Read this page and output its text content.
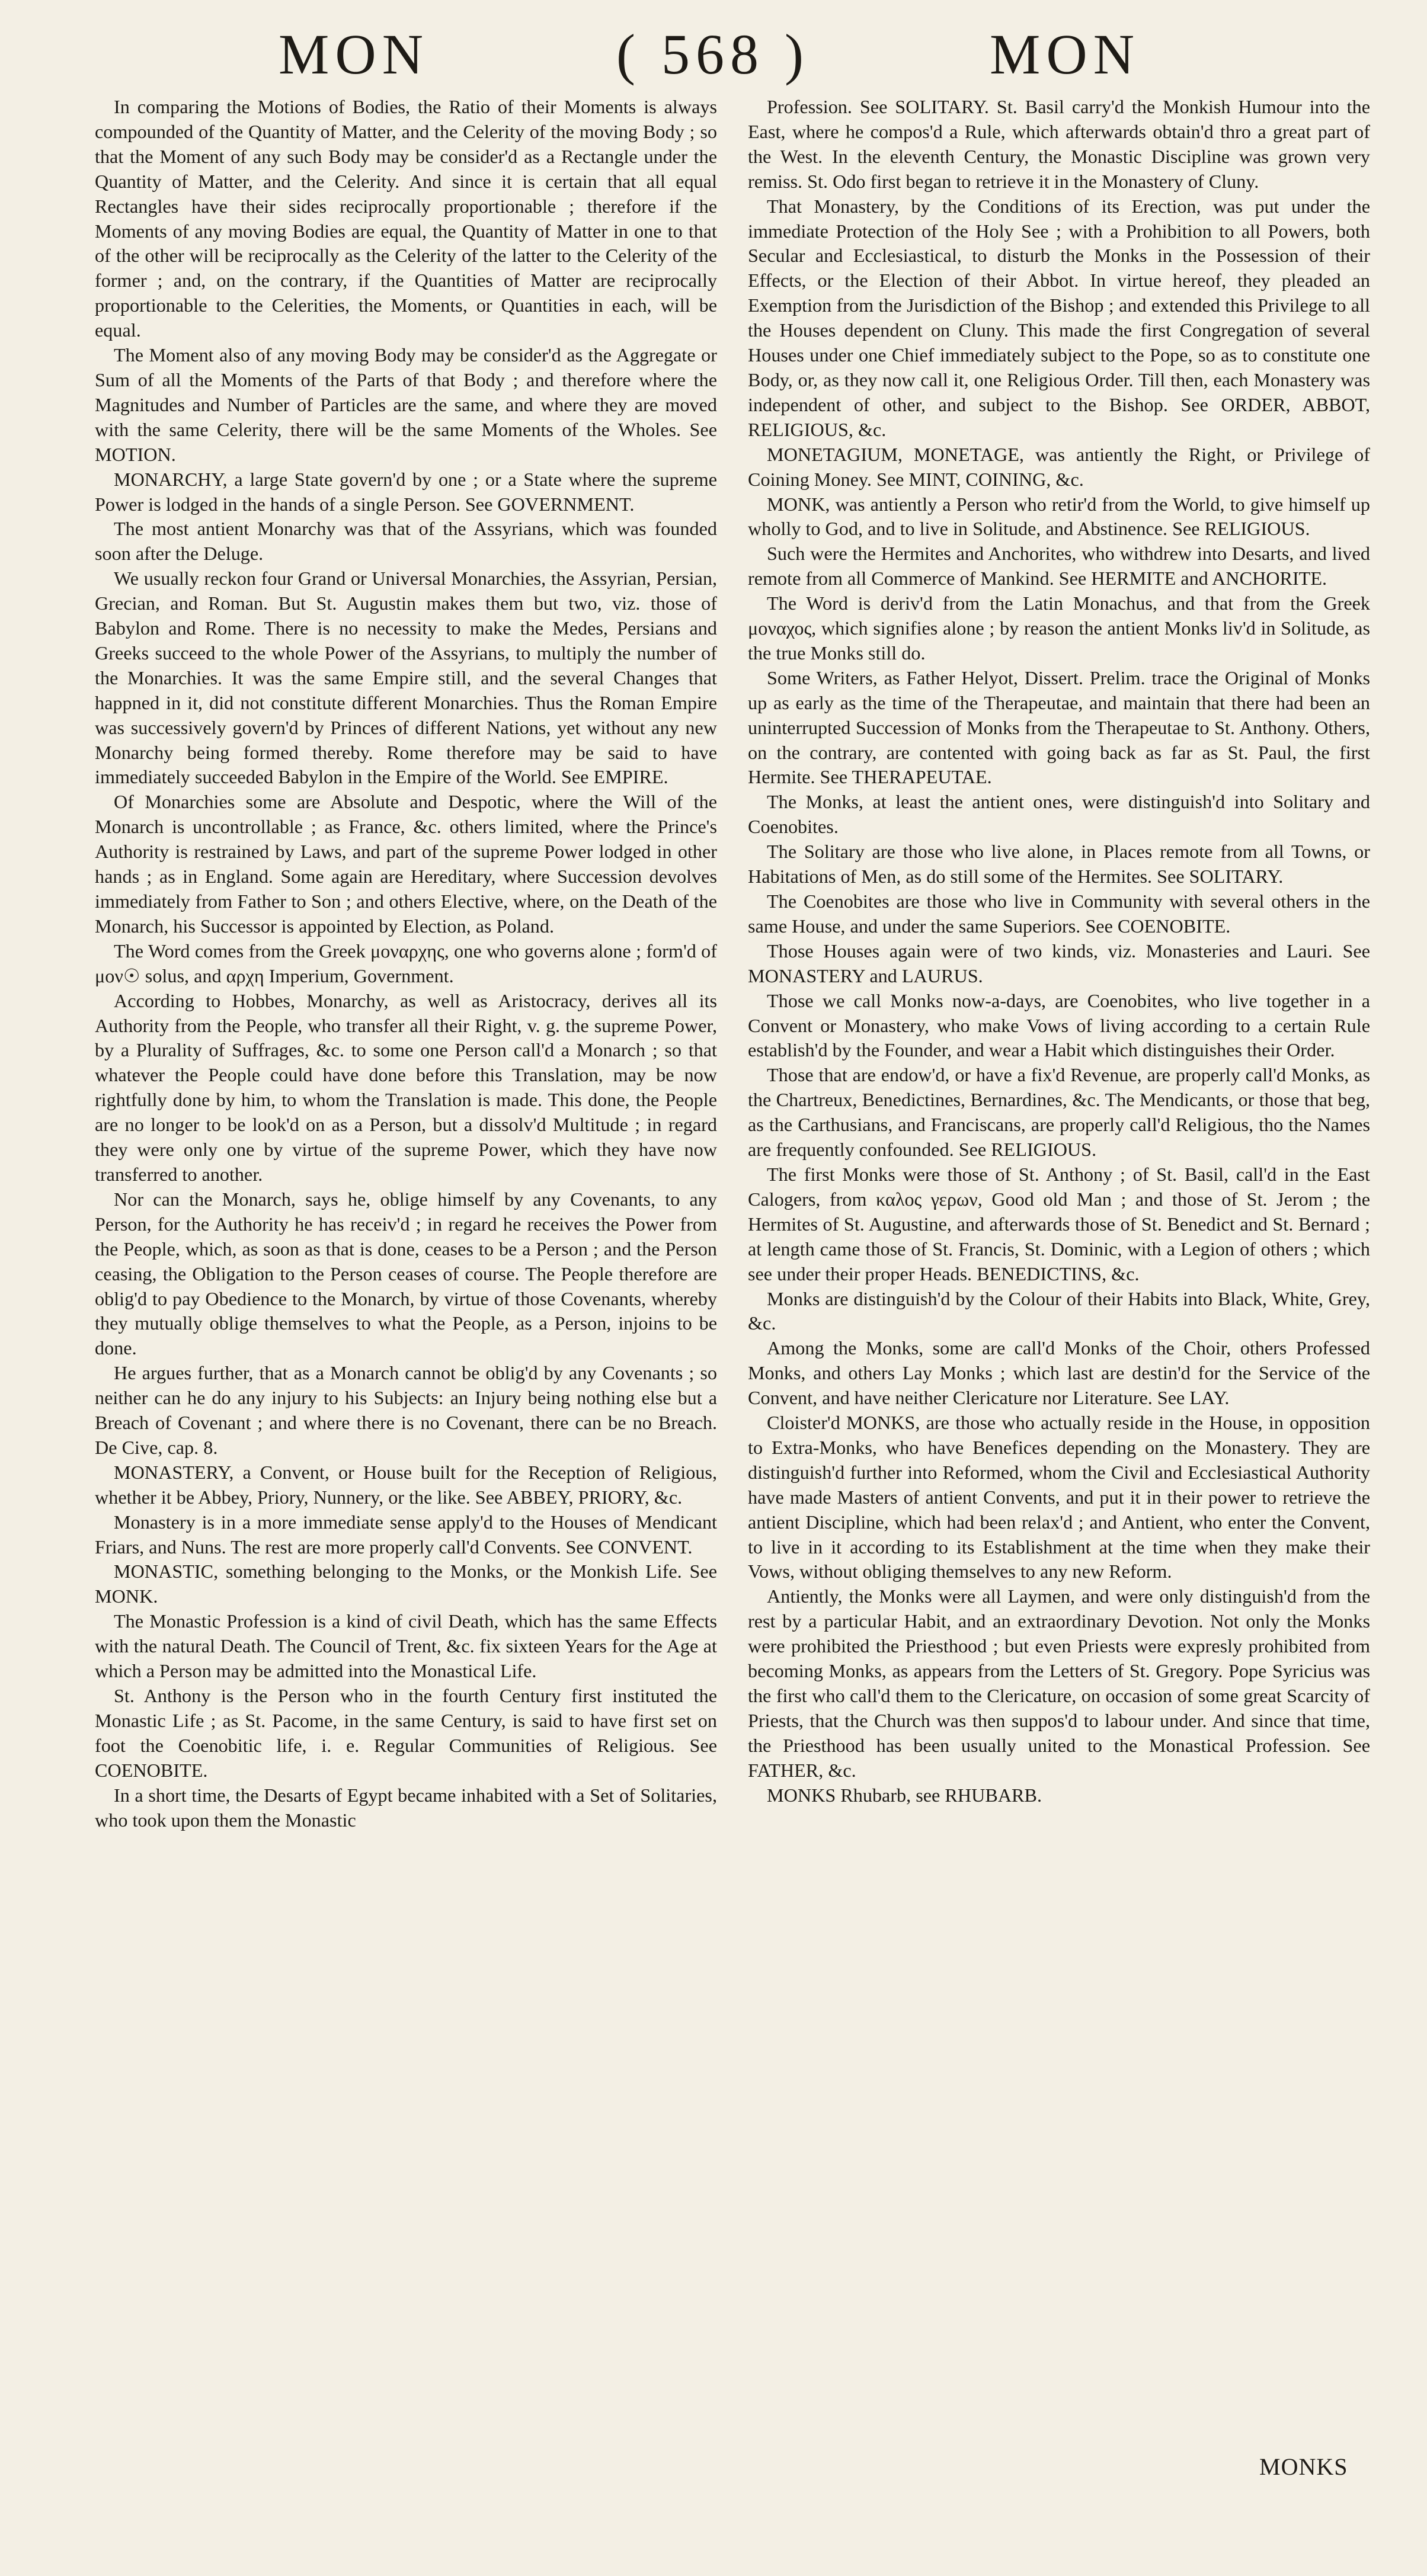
MON	( 568 )	MON

In comparing the Motions of Bodies, the Ratio of their Moments is always compounded of the Quantity of Matter, and the Celerity of the moving Body ; so that the Moment of any such Body may be consider'd as a Rectangle under the Quantity of Matter, and the Celerity. And since it is certain that all equal Rectangles have their sides reciprocally proportionable ; therefore if the Moments of any moving Bodies are equal, the Quantity of Matter in one to that of the other will be reciprocally as the Celerity of the latter to the Celerity of the former ; and, on the contrary, if the Quantities of Matter are reciprocally proportionable to the Celerities, the Moments, or Quantities in each, will be equal.

The Moment also of any moving Body may be consider'd as the Aggregate or Sum of all the Moments of the Parts of that Body ; and therefore where the Magnitudes and Number of Particles are the same, and where they are moved with the same Celerity, there will be the same Moments of the Wholes. See MOTION.

MONARCHY, a large State govern'd by one ; or a State where the supreme Power is lodged in the hands of a single Person. See GOVERNMENT.

The most antient Monarchy was that of the Assyrians, which was founded soon after the Deluge.

We usually reckon four Grand or Universal Monarchies, the Assyrian, Persian, Grecian, and Roman. But St. Augustin makes them but two, viz. those of Babylon and Rome. There is no necessity to make the Medes, Persians and Greeks succeed to the whole Power of the Assyrians, to multiply the number of the Monarchies. It was the same Empire still, and the several Changes that happned in it, did not constitute different Monarchies. Thus the Roman Empire was successively govern'd by Princes of different Nations, yet without any new Monarchy being formed thereby. Rome therefore may be said to have immediately succeeded Babylon in the Empire of the World. See EMPIRE.

Of Monarchies some are Absolute and Despotic, where the Will of the Monarch is uncontrollable ; as France, &c. others limited, where the Prince's Authority is restrained by Laws, and part of the supreme Power lodged in other hands ; as in England. Some again are Hereditary, where Succession devolves immediately from Father to Son ; and others Elective, where, on the Death of the Monarch, his Successor is appointed by Election, as Poland.

The Word comes from the Greek μοναρχης, one who governs alone ; form'd of μον☉ solus, and αρχη Imperium, Government.

According to Hobbes, Monarchy, as well as Aristocracy, derives all its Authority from the People, who transfer all their Right, v. g. the supreme Power, by a Plurality of Suffrages, &c. to some one Person call'd a Monarch ; so that whatever the People could have done before this Translation, may be now rightfully done by him, to whom the Translation is made. This done, the People are no longer to be look'd on as a Person, but a dissolv'd Multitude ; in regard they were only one by virtue of the supreme Power, which they have now transferred to another.

Nor can the Monarch, says he, oblige himself by any Covenants, to any Person, for the Authority he has receiv'd ; in regard he receives the Power from the People, which, as soon as that is done, ceases to be a Person ; and the Person ceasing, the Obligation to the Person ceases of course. The People therefore are oblig'd to pay Obedience to the Monarch, by virtue of those Covenants, whereby they mutually oblige themselves to what the People, as a Person, injoins to be done.

He argues further, that as a Monarch cannot be oblig'd by any Covenants ; so neither can he do any injury to his Subjects: an Injury being nothing else but a Breach of Covenant ; and where there is no Covenant, there can be no Breach. De Cive, cap. 8.

MONASTERY, a Convent, or House built for the Reception of Religious, whether it be Abbey, Priory, Nunnery, or the like. See ABBEY, PRIORY, &c.

Monastery is in a more immediate sense apply'd to the Houses of Mendicant Friars, and Nuns. The rest are more properly call'd Convents. See CONVENT.

MONASTIC, something belonging to the Monks, or the Monkish Life. See MONK.

The Monastic Profession is a kind of civil Death, which has the same Effects with the natural Death. The Council of Trent, &c. fix sixteen Years for the Age at which a Person may be admitted into the Monastical Life.

St. Anthony is the Person who in the fourth Century first instituted the Monastic Life ; as St. Pacome, in the same Century, is said to have first set on foot the Coenobitic life, i. e. Regular Communities of Religious. See COENOBITE.

In a short time, the Desarts of Egypt became inhabited with a Set of Solitaries, who took upon them the Monastic

Profession. See SOLITARY. St. Basil carry'd the Monkish Humour into the East, where he compos'd a Rule, which afterwards obtain'd thro a great part of the West. In the eleventh Century, the Monastic Discipline was grown very remiss. St. Odo first began to retrieve it in the Monastery of Cluny.

That Monastery, by the Conditions of its Erection, was put under the immediate Protection of the Holy See ; with a Prohibition to all Powers, both Secular and Ecclesiastical, to disturb the Monks in the Possession of their Effects, or the Election of their Abbot. In virtue hereof, they pleaded an Exemption from the Jurisdiction of the Bishop ; and extended this Privilege to all the Houses dependent on Cluny. This made the first Congregation of several Houses under one Chief immediately subject to the Pope, so as to constitute one Body, or, as they now call it, one Religious Order. Till then, each Monastery was independent of other, and subject to the Bishop. See ORDER, ABBOT, RELIGIOUS, &c.

MONETAGIUM, MONETAGE, was antiently the Right, or Privilege of Coining Money. See MINT, COINING, &c.

MONK, was antiently a Person who retir'd from the World, to give himself up wholly to God, and to live in Solitude, and Abstinence. See RELIGIOUS.

Such were the Hermites and Anchorites, who withdrew into Desarts, and lived remote from all Commerce of Mankind. See HERMITE and ANCHORITE.

The Word is deriv'd from the Latin Monachus, and that from the Greek μοναχος, which signifies alone ; by reason the antient Monks liv'd in Solitude, as the true Monks still do.

Some Writers, as Father Helyot, Dissert. Prelim. trace the Original of Monks up as early as the time of the Therapeutae, and maintain that there had been an uninterrupted Succession of Monks from the Therapeutae to St. Anthony. Others, on the contrary, are contented with going back as far as St. Paul, the first Hermite. See THERAPEUTAE.

The Monks, at least the antient ones, were distinguish'd into Solitary and Coenobites.

The Solitary are those who live alone, in Places remote from all Towns, or Habitations of Men, as do still some of the Hermites. See SOLITARY.

The Coenobites are those who live in Community with several others in the same House, and under the same Superiors. See COENOBITE.

Those Houses again were of two kinds, viz. Monasteries and Lauri. See MONASTERY and LAURUS.

Those we call Monks now-a-days, are Coenobites, who live together in a Convent or Monastery, who make Vows of living according to a certain Rule establish'd by the Founder, and wear a Habit which distinguishes their Order.

Those that are endow'd, or have a fix'd Revenue, are properly call'd Monks, as the Chartreux, Benedictines, Bernardines, &c. The Mendicants, or those that beg, as the Carthusians, and Franciscans, are properly call'd Religious, tho the Names are frequently confounded. See RELIGIOUS.

The first Monks were those of St. Anthony ; of St. Basil, call'd in the East Calogers, from καλος γερων, Good old Man ; and those of St. Jerom ; the Hermites of St. Augustine, and afterwards those of St. Benedict and St. Bernard ; at length came those of St. Francis, St. Dominic, with a Legion of others ; which see under their proper Heads. BENEDICTINS, &c.

Monks are distinguish'd by the Colour of their Habits into Black, White, Grey, &c.

Among the Monks, some are call'd Monks of the Choir, others Professed Monks, and others Lay Monks ; which last are destin'd for the Service of the Convent, and have neither Clericature nor Literature. See LAY.

Cloister'd MONKS, are those who actually reside in the House, in opposition to Extra-Monks, who have Benefices depending on the Monastery. They are distinguish'd further into Reformed, whom the Civil and Ecclesiastical Authority have made Masters of antient Convents, and put it in their power to retrieve the antient Discipline, which had been relax'd ; and Antient, who enter the Convent, to live in it according to its Establishment at the time when they make their Vows, without obliging themselves to any new Reform.

Antiently, the Monks were all Laymen, and were only distinguish'd from the rest by a particular Habit, and an extraordinary Devotion. Not only the Monks were prohibited the Priesthood ; but even Priests were expresly prohibited from becoming Monks, as appears from the Letters of St. Gregory. Pope Syricius was the first who call'd them to the Clericature, on occasion of some great Scarcity of Priests, that the Church was then suppos'd to labour under. And since that time, the Priesthood has been usually united to the Monastical Profession. See FATHER, &c.

MONKS Rhubarb, see RHUBARB.

MONKS
